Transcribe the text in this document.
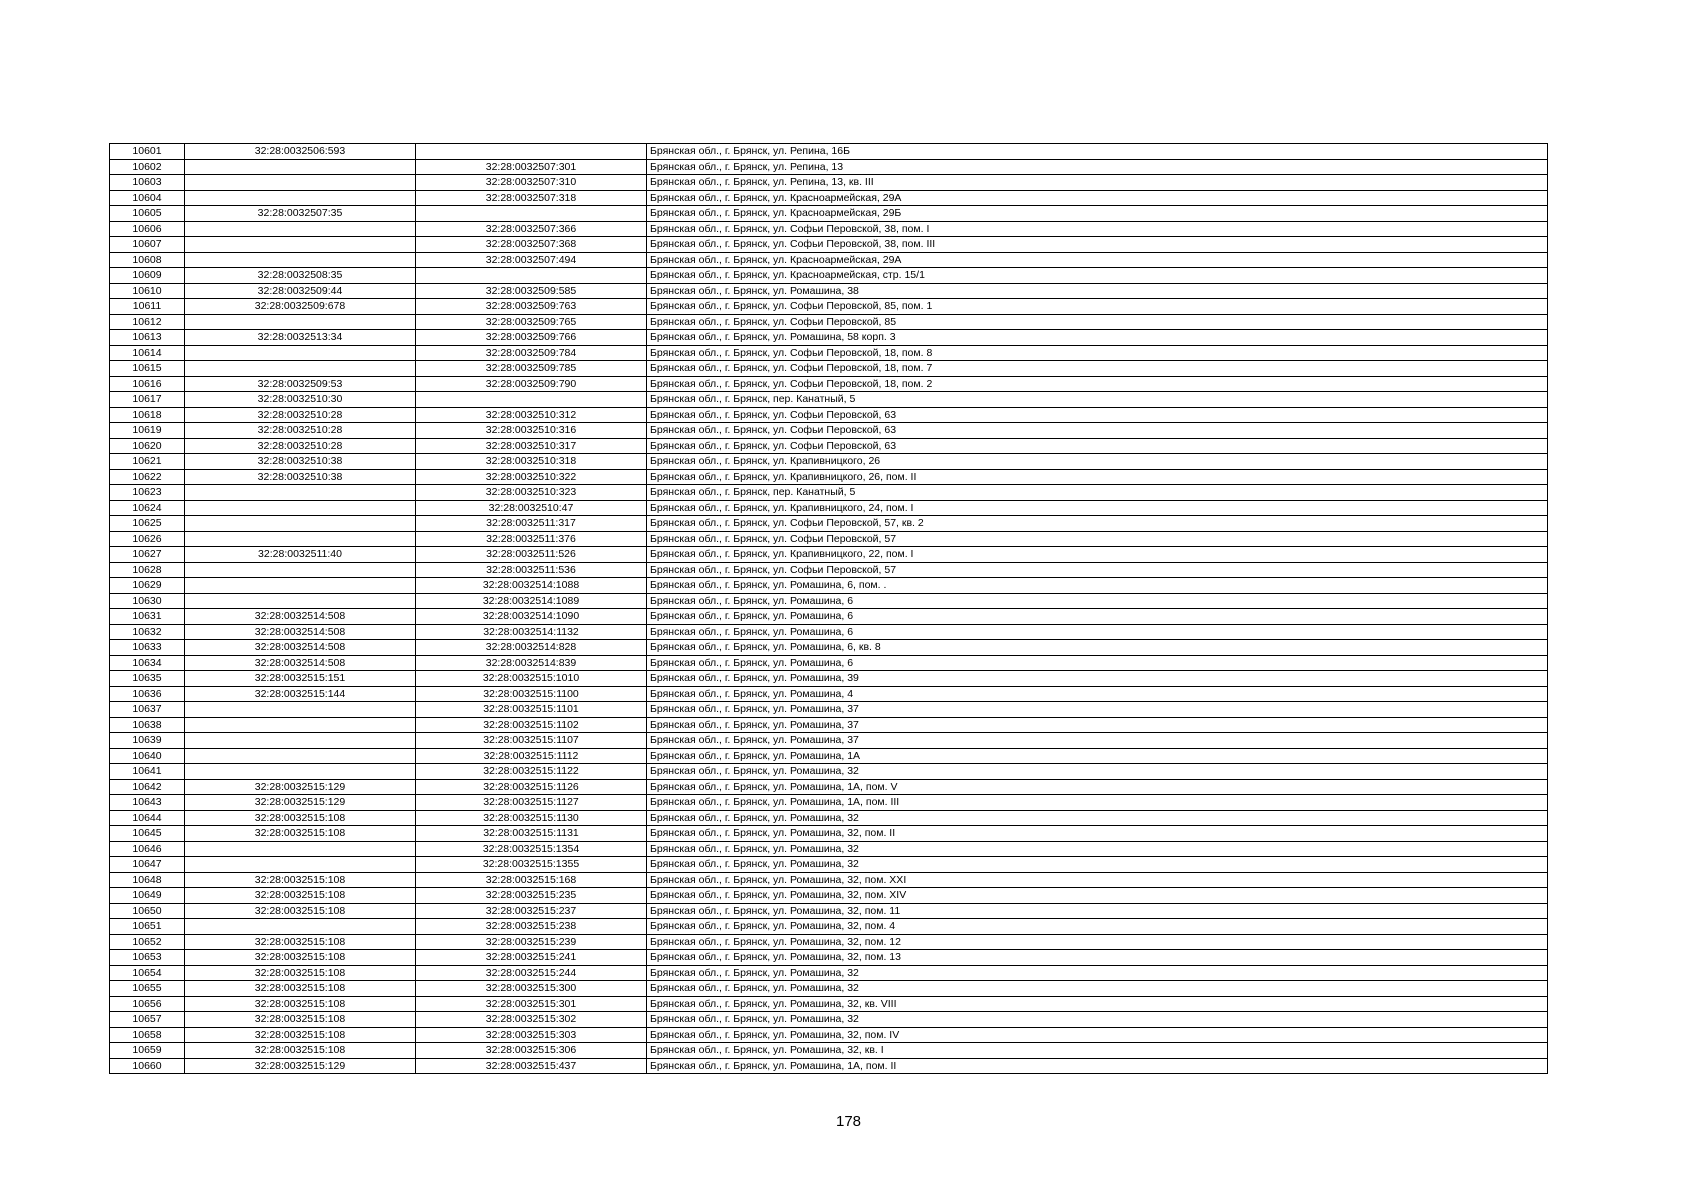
10601	32:28:0032506:593		Брянская обл., г. Брянск, ул. Репина, 16Б
10602		32:28:0032507:301	Брянская обл., г. Брянск, ул. Репина, 13
10603		32:28:0032507:310	Брянская обл., г. Брянск, ул. Репина, 13, кв. III
10604		32:28:0032507:318	Брянская обл., г. Брянск, ул. Красноармейская, 29А
10605	32:28:0032507:35		Брянская обл., г. Брянск, ул. Красноармейская, 29Б
10606		32:28:0032507:366	Брянская обл., г. Брянск, ул. Софьи Перовской, 38, пом. I
10607		32:28:0032507:368	Брянская обл., г. Брянск, ул. Софьи Перовской, 38, пом. III
10608		32:28:0032507:494	Брянская обл., г. Брянск, ул. Красноармейская, 29А
10609	32:28:0032508:35		Брянская обл., г. Брянск, ул. Красноармейская, стр. 15/1
10610	32:28:0032509:44	32:28:0032509:585	Брянская обл., г. Брянск, ул. Ромашина, 38
10611	32:28:0032509:678	32:28:0032509:763	Брянская обл., г. Брянск, ул. Софьи Перовской, 85, пом. 1
10612		32:28:0032509:765	Брянская обл., г. Брянск, ул. Софьи Перовской, 85
10613	32:28:0032513:34	32:28:0032509:766	Брянская обл., г. Брянск, ул. Ромашина, 58 корп. 3
10614		32:28:0032509:784	Брянская обл., г. Брянск, ул. Софьи Перовской, 18, пом. 8
10615		32:28:0032509:785	Брянская обл., г. Брянск, ул. Софьи Перовской, 18, пом. 7
10616	32:28:0032509:53	32:28:0032509:790	Брянская обл., г. Брянск, ул. Софьи Перовской, 18, пом. 2
10617	32:28:0032510:30		Брянская обл., г. Брянск, пер. Канатный, 5
10618	32:28:0032510:28	32:28:0032510:312	Брянская обл., г. Брянск, ул. Софьи Перовской, 63
10619	32:28:0032510:28	32:28:0032510:316	Брянская обл., г. Брянск, ул. Софьи Перовской, 63
10620	32:28:0032510:28	32:28:0032510:317	Брянская обл., г. Брянск, ул. Софьи Перовской, 63
10621	32:28:0032510:38	32:28:0032510:318	Брянская обл., г. Брянск, ул. Крапивницкого, 26
10622	32:28:0032510:38	32:28:0032510:322	Брянская обл., г. Брянск, ул. Крапивницкого, 26, пом. II
10623		32:28:0032510:323	Брянская обл., г. Брянск, пер. Канатный, 5
10624		32:28:0032510:47	Брянская обл., г. Брянск, ул. Крапивницкого, 24, пом. I
10625		32:28:0032511:317	Брянская обл., г. Брянск, ул. Софьи Перовской, 57, кв. 2
10626		32:28:0032511:376	Брянская обл., г. Брянск, ул. Софьи Перовской, 57
10627	32:28:0032511:40	32:28:0032511:526	Брянская обл., г. Брянск, ул. Крапивницкого, 22, пом. I
10628		32:28:0032511:536	Брянская обл., г. Брянск, ул. Софьи Перовской, 57
10629		32:28:0032514:1088	Брянская обл., г. Брянск, ул. Ромашина, 6, пом. .
10630		32:28:0032514:1089	Брянская обл., г. Брянск, ул. Ромашина, 6
10631	32:28:0032514:508	32:28:0032514:1090	Брянская обл., г. Брянск, ул. Ромашина, 6
10632	32:28:0032514:508	32:28:0032514:1132	Брянская обл., г. Брянск, ул. Ромашина, 6
10633	32:28:0032514:508	32:28:0032514:828	Брянская обл., г. Брянск, ул. Ромашина, 6, кв. 8
10634	32:28:0032514:508	32:28:0032514:839	Брянская обл., г. Брянск, ул. Ромашина, 6
10635	32:28:0032515:151	32:28:0032515:1010	Брянская обл., г. Брянск, ул. Ромашина, 39
10636	32:28:0032515:144	32:28:0032515:1100	Брянская обл., г. Брянск, ул. Ромашина, 4
10637		32:28:0032515:1101	Брянская обл., г. Брянск, ул. Ромашина, 37
10638		32:28:0032515:1102	Брянская обл., г. Брянск, ул. Ромашина, 37
10639		32:28:0032515:1107	Брянская обл., г. Брянск, ул. Ромашина, 37
10640		32:28:0032515:1112	Брянская обл., г. Брянск, ул. Ромашина, 1А
10641		32:28:0032515:1122	Брянская обл., г. Брянск, ул. Ромашина, 32
10642	32:28:0032515:129	32:28:0032515:1126	Брянская обл., г. Брянск, ул. Ромашина, 1А, пом. V
10643	32:28:0032515:129	32:28:0032515:1127	Брянская обл., г. Брянск, ул. Ромашина, 1А, пом. III
10644	32:28:0032515:108	32:28:0032515:1130	Брянская обл., г. Брянск, ул. Ромашина, 32
10645	32:28:0032515:108	32:28:0032515:1131	Брянская обл., г. Брянск, ул. Ромашина, 32, пом. II
10646		32:28:0032515:1354	Брянская обл., г. Брянск, ул. Ромашина, 32
10647		32:28:0032515:1355	Брянская обл., г. Брянск, ул. Ромашина, 32
10648	32:28:0032515:108	32:28:0032515:168	Брянская обл., г. Брянск, ул. Ромашина, 32, пом. XXI
10649	32:28:0032515:108	32:28:0032515:235	Брянская обл., г. Брянск, ул. Ромашина, 32, пом. XIV
10650	32:28:0032515:108	32:28:0032515:237	Брянская обл., г. Брянск, ул. Ромашина, 32, пом. 11
10651		32:28:0032515:238	Брянская обл., г. Брянск, ул. Ромашина, 32, пом. 4
10652	32:28:0032515:108	32:28:0032515:239	Брянская обл., г. Брянск, ул. Ромашина, 32, пом. 12
10653	32:28:0032515:108	32:28:0032515:241	Брянская обл., г. Брянск, ул. Ромашина, 32, пом. 13
10654	32:28:0032515:108	32:28:0032515:244	Брянская обл., г. Брянск, ул. Ромашина, 32
10655	32:28:0032515:108	32:28:0032515:300	Брянская обл., г. Брянск, ул. Ромашина, 32
10656	32:28:0032515:108	32:28:0032515:301	Брянская обл., г. Брянск, ул. Ромашина, 32, кв. VIII
10657	32:28:0032515:108	32:28:0032515:302	Брянская обл., г. Брянск, ул. Ромашина, 32
10658	32:28:0032515:108	32:28:0032515:303	Брянская обл., г. Брянск, ул. Ромашина, 32, пом. IV
10659	32:28:0032515:108	32:28:0032515:306	Брянская обл., г. Брянск, ул. Ромашина, 32, кв. I
10660	32:28:0032515:129	32:28:0032515:437	Брянская обл., г. Брянск, ул. Ромашина, 1А, пом. II
178
